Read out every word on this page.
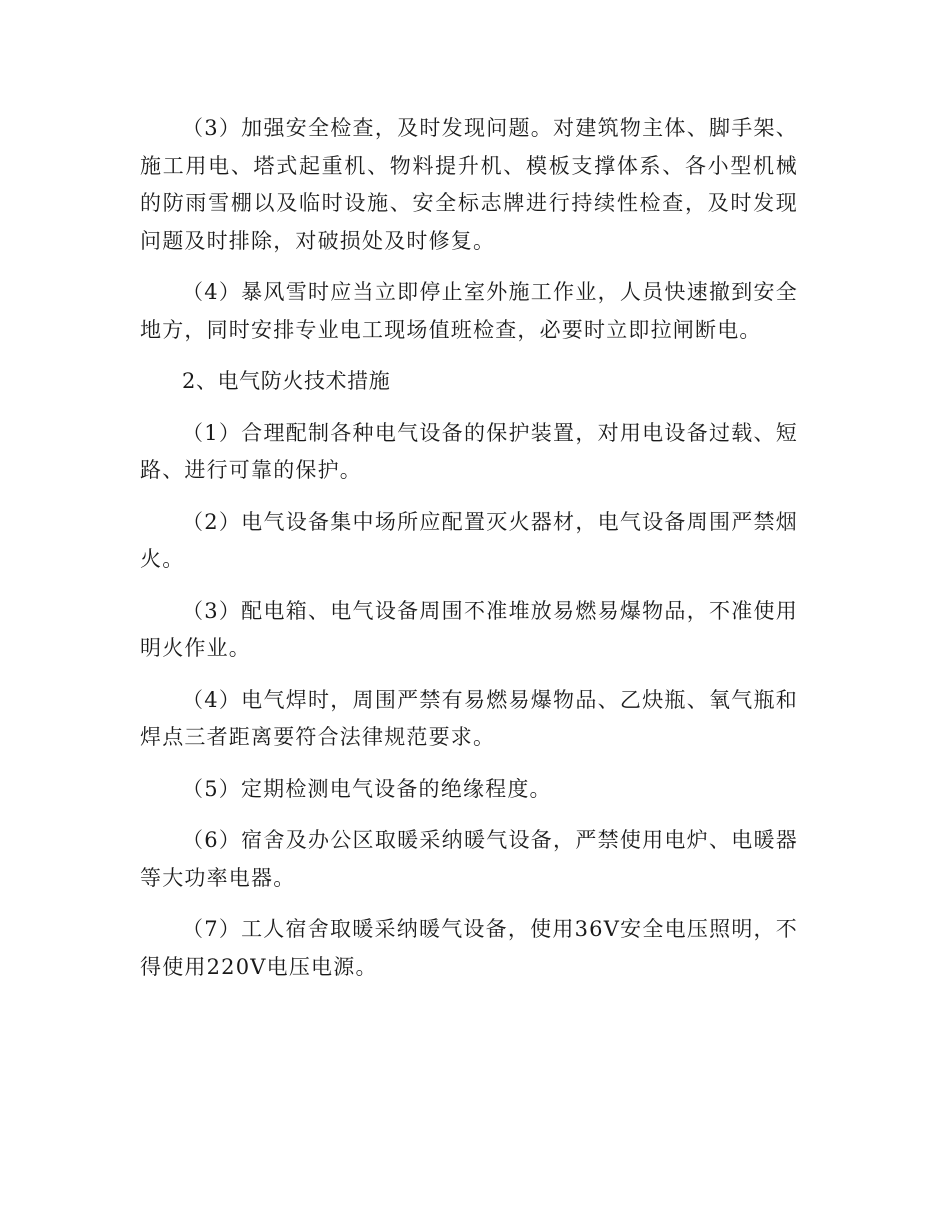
（3）加强安全检查，及时发现问题。对建筑物主体、脚手架、施工用电、塔式起重机、物料提升机、模板支撑体系、各小型机械的防雨雪棚以及临时设施、安全标志牌进行持续性检查，及时发现问题及时排除，对破损处及时修复。

（4）暴风雪时应当立即停止室外施工作业，人员快速撤到安全地方，同时安排专业电工现场值班检查，必要时立即拉闸断电。

2、电气防火技术措施

（1）合理配制各种电气设备的保护装置，对用电设备过载、短路、进行可靠的保护。

（2）电气设备集中场所应配置灭火器材，电气设备周围严禁烟火。

（3）配电箱、电气设备周围不准堆放易燃易爆物品，不准使用明火作业。

（4）电气焊时，周围严禁有易燃易爆物品、乙炔瓶、氧气瓶和焊点三者距离要符合法律规范要求。

（5）定期检测电气设备的绝缘程度。

（6）宿舍及办公区取暖采纳暖气设备，严禁使用电炉、电暖器等大功率电器。

（7）工人宿舍取暖采纳暖气设备，使用36V安全电压照明，不得使用220V电压电源。
